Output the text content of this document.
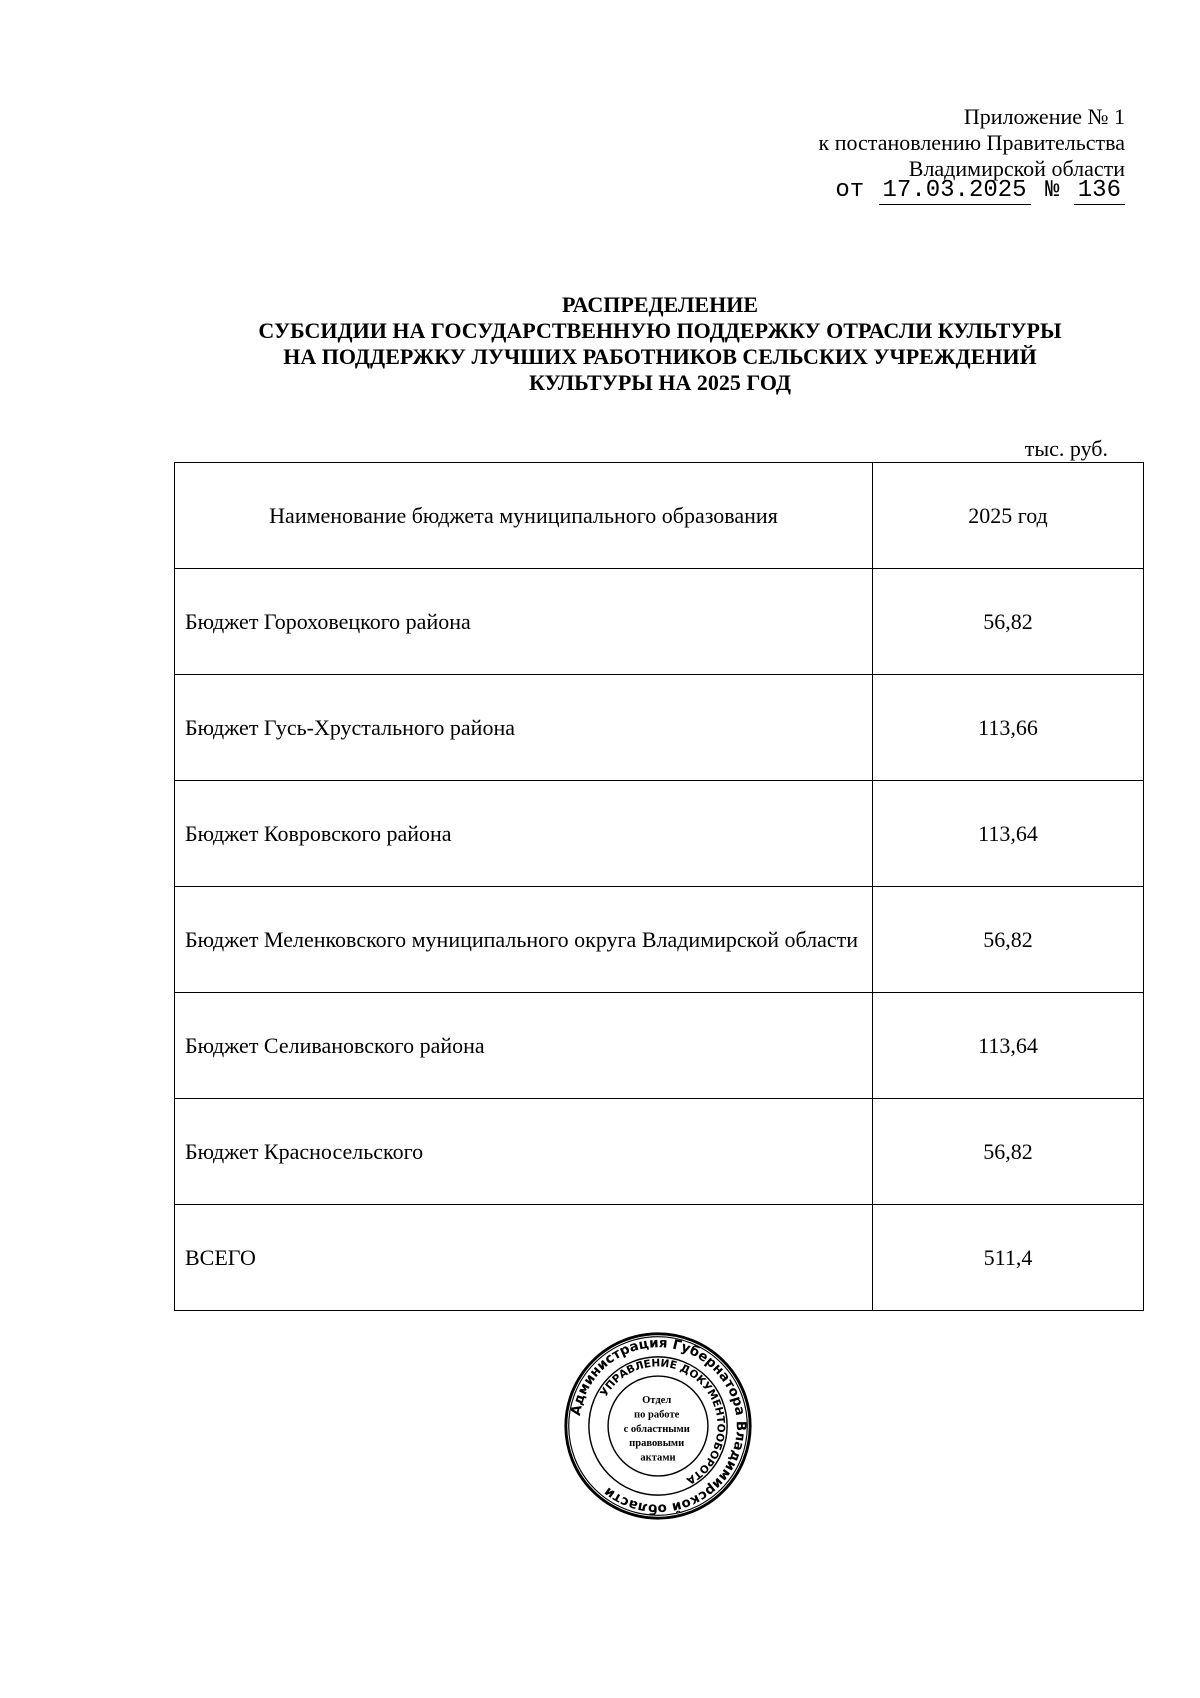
Приложение № 1
к постановлению Правительства
Владимирской области
от 17.03.2025 № 136
РАСПРЕДЕЛЕНИЕ
СУБСИДИИ НА ГОСУДАРСТВЕННУЮ ПОДДЕРЖКУ ОТРАСЛИ КУЛЬТУРЫ
НА ПОДДЕРЖКУ ЛУЧШИХ РАБОТНИКОВ СЕЛЬСКИХ УЧРЕЖДЕНИЙ
КУЛЬТУРЫ НА 2025 ГОД
тыс. руб.
Наименование бюджета муниципального образования	2025 год
Бюджет Гороховецкого района	56,82
Бюджет Гусь-Хрустального района	113,66
Бюджет Ковровского района	113,64
Бюджет Меленковского муниципального округа Владимирской области	56,82
Бюджет Селивановского района	113,64
Бюджет Красносельского	56,82
ВСЕГО	511,4
Администрация Губернатора Владимирской области
УПРАВЛЕНИЕ ДОКУМЕНТООБОРОТА
Отдел по работе с областными правовыми актами
